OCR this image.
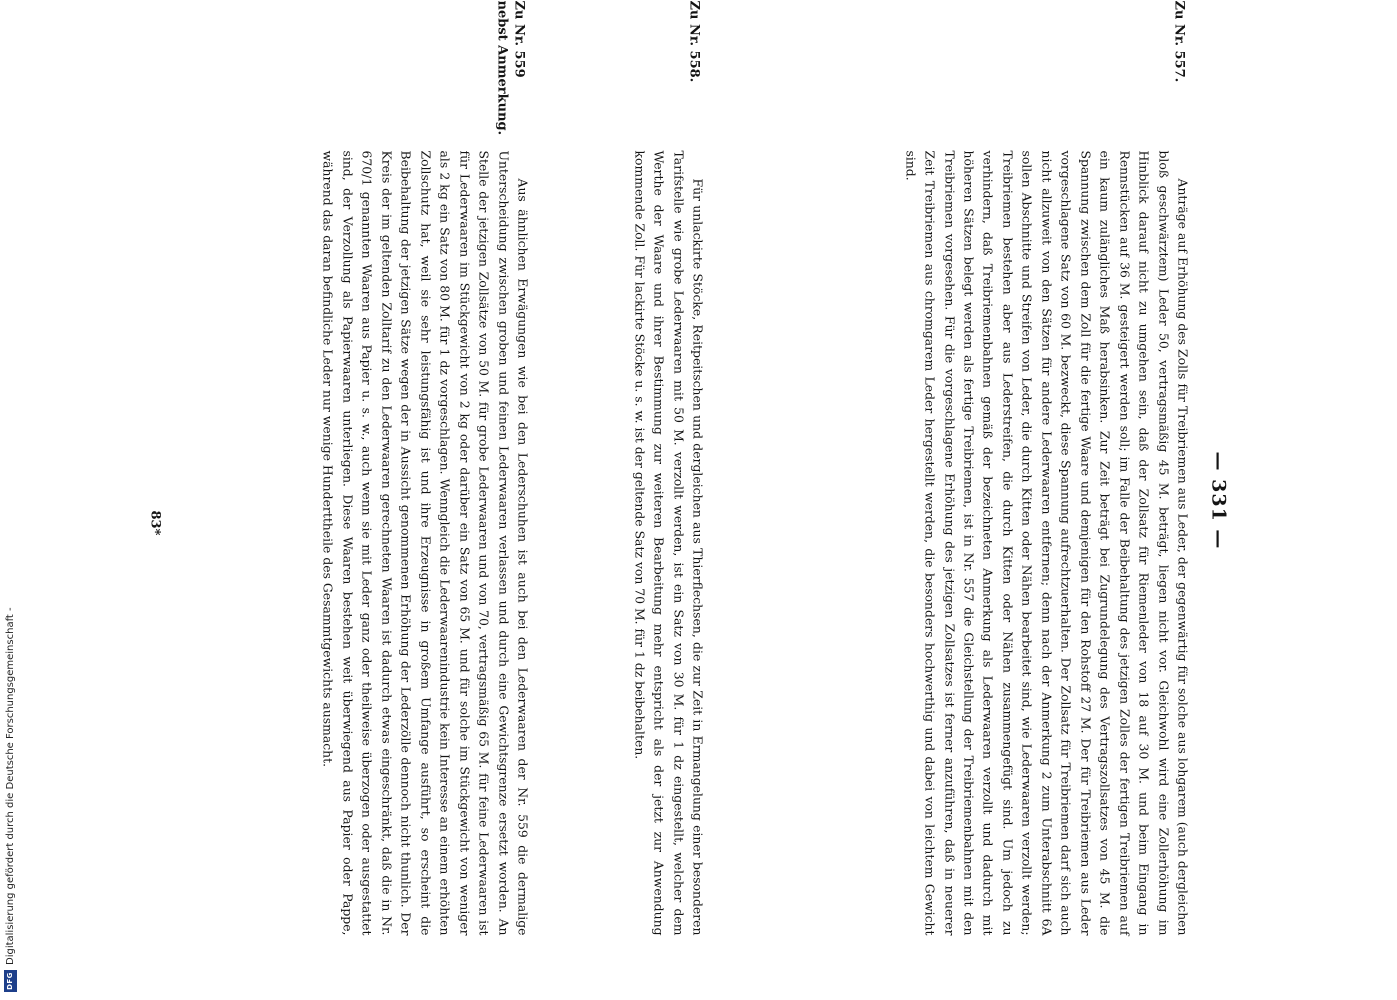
— 331 —
Zu Nr. 557.

Anträge auf Erhöhung des Zolls für Treibriemen aus Leder, der gegenwärtig für solche aus lohgarem (auch dergleichen bloß geschwärztem) Leder 50, vertragsmäßig 45 M. beträgt, liegen nicht vor. Gleichwohl wird eine Zollerhöhung im Hinblick darauf nicht zu umgehen sein, daß der Zollsatz für Riemenleder von 18 auf 30 M. und beim Eingang in Rennstücken auf 36 M. gesteigert werden soll; im Falle der Beibehaltung des jetzigen Zolles der fertigen Treibriemen auf ein kaum zulängliches Maß herabsinken. Zur Zeit beträgt bei Zugrundelegung des Vertragszollsatzes von 45 M. die Spannung zwischen dem Zoll für die fertige Waare und demjenigen für den Rohstoff 27 M. Der für Treibriemen aus Leder vorgeschlagene Satz von 60 M. bezweckt, diese Spannung aufrechtzuerhalten. Der Zollsatz für Treibriemen darf sich auch nicht allzuweit von den Sätzen für andere Lederwaaren entfernen; denn nach der Anmerkung 2 zum Unterabschnitt 6A sollen Abschnitte und Streifen von Leder, die durch Kitten oder Nähen bearbeitet sind, wie Lederwaaren verzollt werden; Treibriemen bestehen aber aus Lederstreifen, die durch Kitten oder Nähen zusammengefügt sind. Um jedoch zu verhindern, daß Treibriemenbahnen gemäß der bezeichneten Anmerkung als Lederwaaren verzollt und dadurch mit höheren Sätzen belegt werden als fertige Treibriemen, ist in Nr. 557 die Gleichstellung der Treibriemenbahnen mit den Treibriemen vorgesehen. Für die vorgeschlagene Erhöhung des jetzigen Zollsatzes ist ferner anzuführen, daß in neuerer Zeit Treibriemen aus chromgarem Leder hergestellt werden, die besonders hochwerthig und dabei von leichtem Gewicht sind.

Zu Nr. 558.

Für unlackirte Stöcke, Reitpeitschen und dergleichen aus Thierflechsen, die zur Zeit in Ermangelung einer besonderen Tarifstelle wie grobe Lederwaaren mit 50 M. verzollt werden, ist ein Satz von 30 M. für 1 dz eingestellt, welcher dem Werthe der Waare und ihrer Bestimmung zur weiteren Bearbeitung mehr entspricht als der jetzt zur Anwendung kommende Zoll. Für lackirte Stöcke u. s. w. ist der geltende Satz von 70 M. für 1 dz beibehalten.

Zu Nr. 559
nebst Anmerkung.

Aus ähnlichen Erwägungen wie bei den Lederschuhen ist auch bei den Lederwaaren der Nr. 559 die dermalige Unterscheidung zwischen groben und feinen Lederwaaren verlassen und durch eine Gewichtsgrenze ersetzt worden. An Stelle der jetzigen Zollsätze von 50 M. für grobe Lederwaaren und von 70, vertragsmäßig 65 M. für feine Lederwaaren ist für Lederwaaren im Stückgewicht von 2 kg oder darüber ein Satz von 65 M. und für solche im Stückgewicht von weniger als 2 kg ein Satz von 80 M. für 1 dz vorgeschlagen. Wenngleich die Lederwaarenindustrie kein Interesse an einem erhöhten Zollschutz hat, weil sie sehr leistungsfähig ist und ihre Erzeugnisse in großem Umfange ausführt, so erscheint die Beibehaltung der jetzigen Sätze wegen der in Aussicht genommenen Erhöhung der Lederzölle dennoch nicht thunlich. Der Kreis der im geltenden Zolltarif zu den Lederwaaren gerechneten Waaren ist dadurch etwas eingeschränkt, daß die in Nr. 670/1 genannten Waaren aus Papier u. s. w., auch wenn sie mit Leder ganz oder theilweise überzogen oder ausgestattet sind, der Verzollung als Papierwaaren unterliegen. Diese Waaren bestehen weit überwiegend aus Papier oder Pappe, während das daran befindliche Leder nur wenige Hunderttheile des Gesammtgewichts ausmacht.

83*
DFG
Digitalisierung gefördert durch die Deutsche Forschungsgemeinschaft -
